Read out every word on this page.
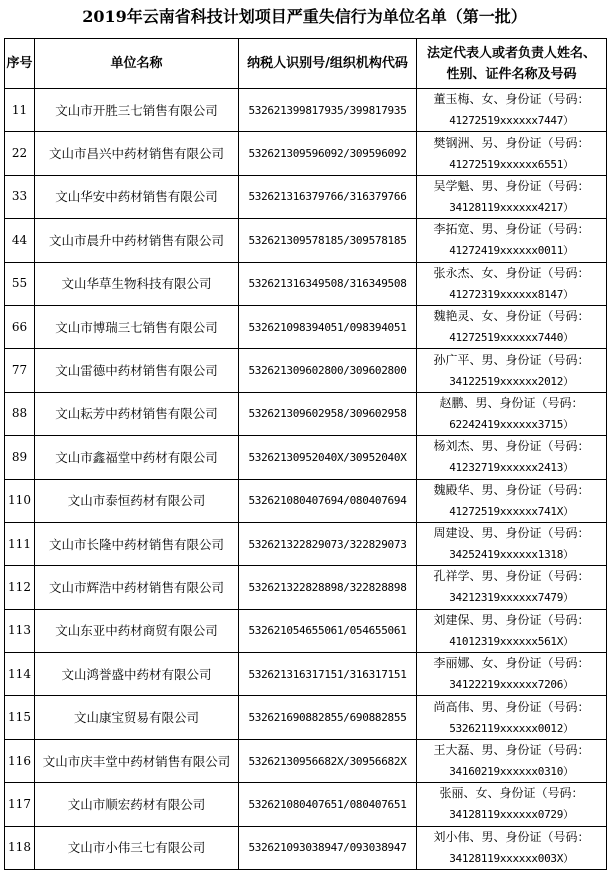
2019年云南省科技计划项目严重失信行为单位名单（第一批）
序号	单位名称	纳税人识别号/组织机构代码	法定代表人或者负责人姓名、
性别、证件名称及号码

11	文山市开胜三七销售有限公司	532621399817935/399817935	董玉梅、女、身份证（号码：
41272519xxxxxx7447）

22	文山市昌兴中药材销售有限公司	532621309596092/309596092	樊钢洲、另、身份证（号码：
41272519xxxxxx6551）

33	文山华安中药材销售有限公司	532621316379766/316379766	吴学魁、男、身份证（号码：
34128119xxxxxx4217）

44	文山市晨升中药材销售有限公司	532621309578185/309578185	李拓宽、男、身份证（号码：
41272419xxxxxx0011）

55	文山华草生物科技有限公司	532621316349508/316349508	张永杰、女、身份证（号码：
41272319xxxxxx8147）

66	文山市博瑞三七销售有限公司	532621098394051/098394051	魏艳灵、女、身份证（号码：
41272519xxxxxx7440）

77	文山雷德中药材销售有限公司	532621309602800/309602800	孙广平、男、身份证（号码：
34122519xxxxxx2012）

88	文山耘芳中药材销售有限公司	532621309602958/309602958	赵鹏、男、身份证（号码：
62242419xxxxxx3715）

89	文山市鑫福堂中药材有限公司	53262130952040X/30952040X	杨刘杰、男、身份证（号码：
41232719xxxxxx2413）

110	文山市泰恒药材有限公司	532621080407694/080407694	魏殿华、男、身份证（号码：
41272519xxxxxx741X）

111	文山市长隆中药材销售有限公司	532621322829073/322829073	周建设、男、身份证（号码：
34252419xxxxxx1318）

112	文山市辉浩中药材销售有限公司	532621322828898/322828898	孔祥学、男、身份证（号码：
34212319xxxxxx7479）

113	文山东亚中药材商贸有限公司	532621054655061/054655061	刘建保、男、身份证（号码：
41012319xxxxxx561X）

114	文山鸿誉盛中药材有限公司	532621316317151/316317151	李丽娜、女、身份证（号码：
34122219xxxxxx7206）

115	文山康宝贸易有限公司	532621690882855/690882855	尚高伟、男、身份证（号码：
53262119xxxxxx0012）

116	文山市庆丰堂中药材销售有限公司	53262130956682X/30956682X	王大磊、男、身份证（号码：
34160219xxxxxx0310）

117	文山市顺宏药材有限公司	532621080407651/080407651	张丽、女、身份证（号码：
34128119xxxxxx0729）

118	文山市小伟三七有限公司	532621093038947/093038947	刘小伟、男、身份证（号码：
34128119xxxxxx003X）
